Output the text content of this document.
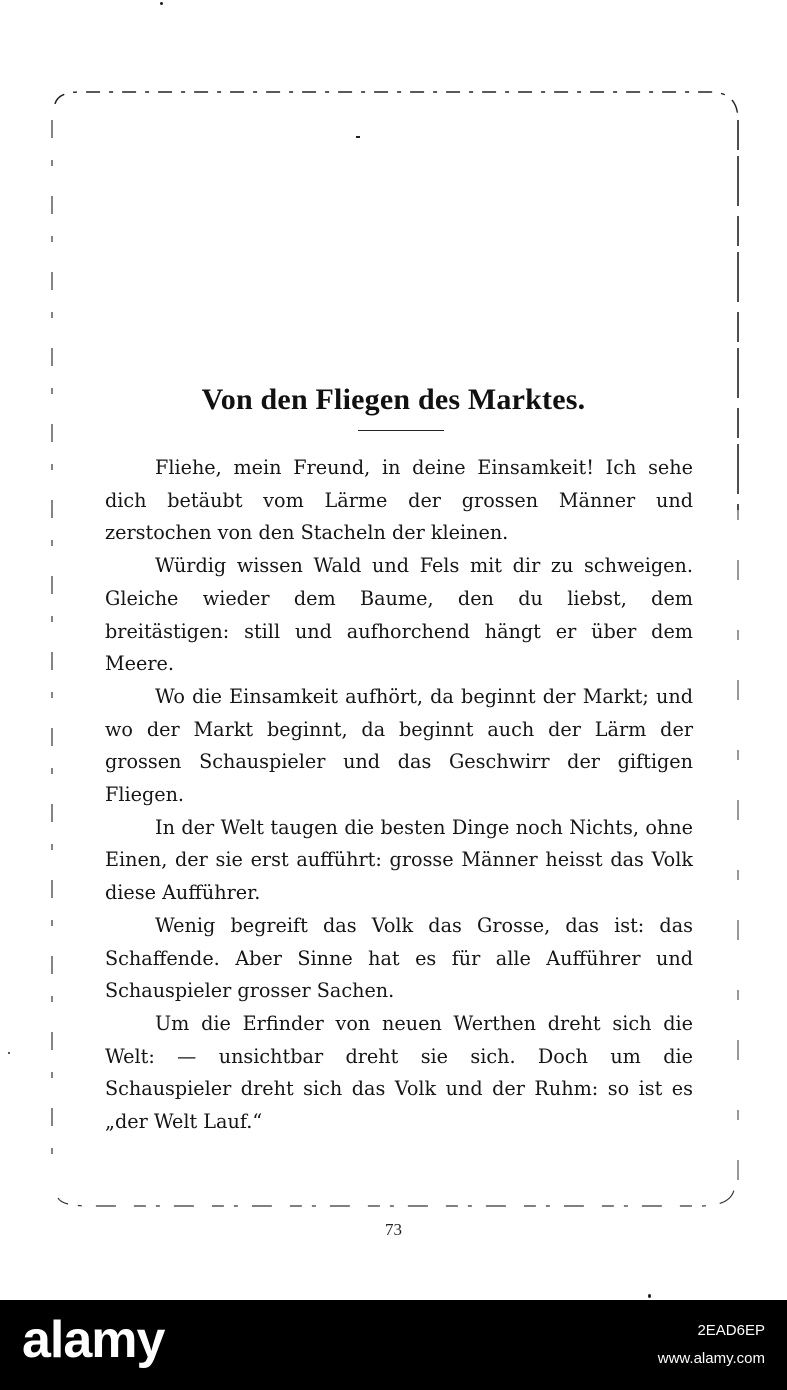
Von den Fliegen des Marktes.

Fliehe, mein Freund, in deine Einsamkeit! Ich sehe dich betäubt vom Lärme der grossen Männer und zerstochen von den Stacheln der kleinen.

Würdig wissen Wald und Fels mit dir zu schweigen. Gleiche wieder dem Baume, den du liebst, dem breitästigen: still und aufhorchend hängt er über dem Meere.

Wo die Einsamkeit aufhört, da beginnt der Markt; und wo der Markt beginnt, da beginnt auch der Lärm der grossen Schauspieler und das Geschwirr der giftigen Fliegen.

In der Welt taugen die besten Dinge noch Nichts, ohne Einen, der sie erst aufführt: grosse Männer heisst das Volk diese Aufführer.

Wenig begreift das Volk das Grosse, das ist: das Schaffende. Aber Sinne hat es für alle Aufführer und Schauspieler grosser Sachen.

Um die Erfinder von neuen Werthen dreht sich die Welt: — unsichtbar dreht sie sich. Doch um die Schauspieler dreht sich das Volk und der Ruhm: so ist es „der Welt Lauf.“

73
alamy	2EAD6EP
www.alamy.com
